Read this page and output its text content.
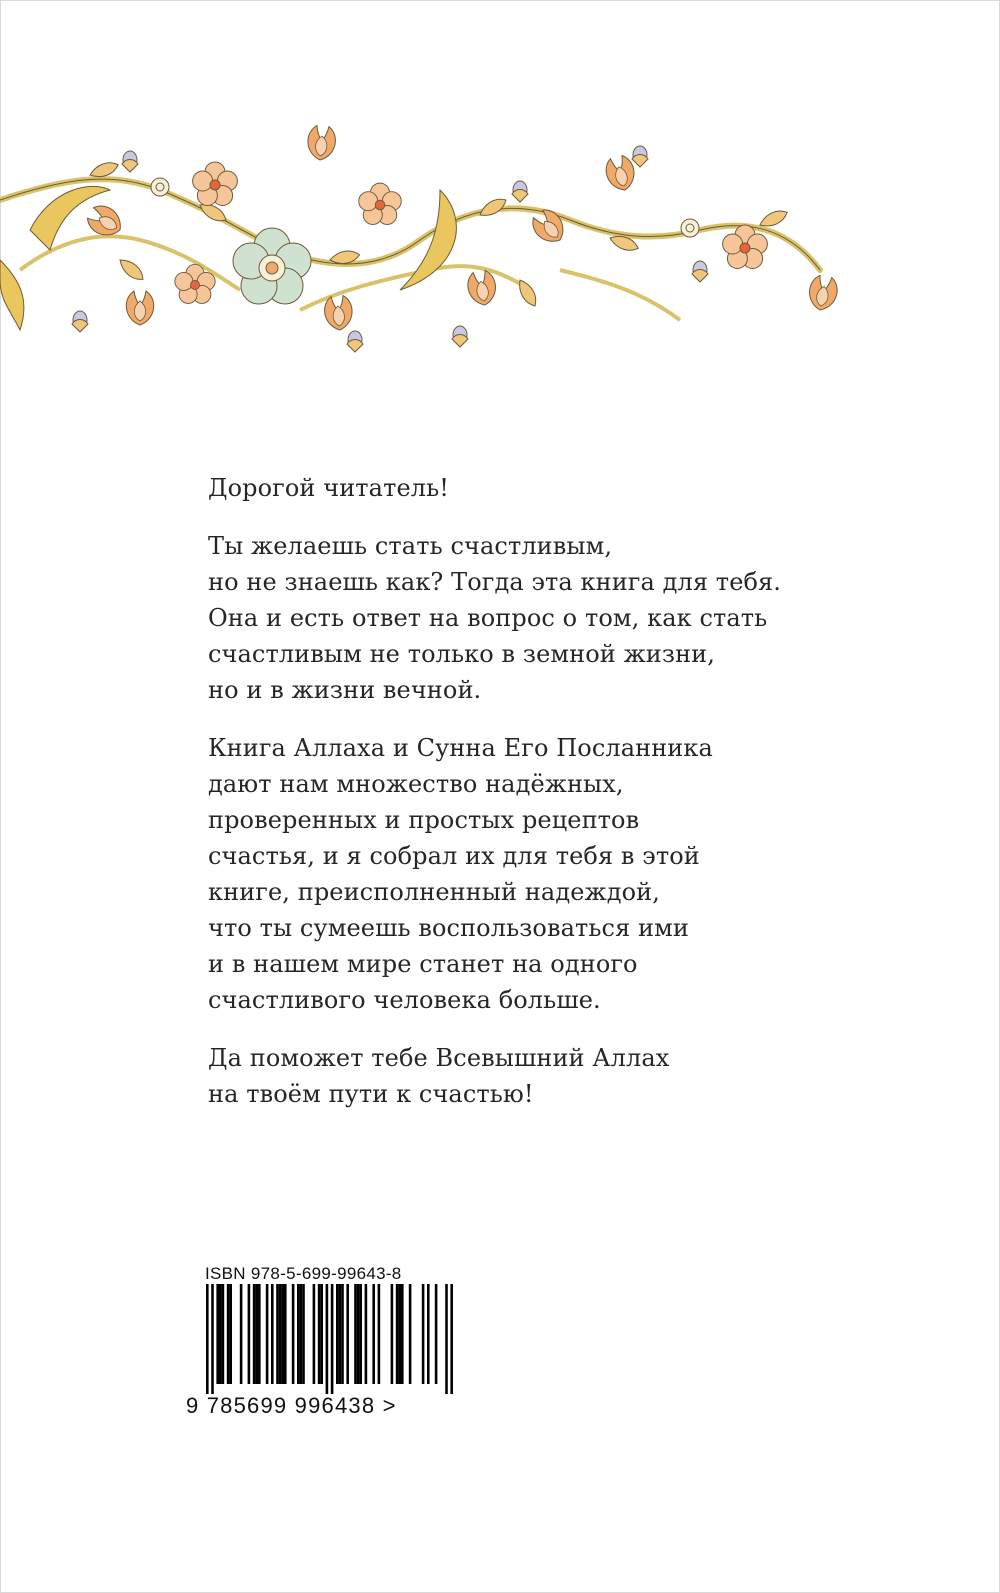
Дорогой читатель!

Ты желаешь стать счастливым,
но не знаешь как? Тогда эта книга для тебя.
Она и есть ответ на вопрос о том, как стать
счастливым не только в земной жизни,
но и в жизни вечной.

Книга Аллаха и Сунна Его Посланника
дают нам множество надёжных,
проверенных и простых рецептов
счастья, и я собрал их для тебя в этой
книге, преисполненный надеждой,
что ты сумеешь воспользоваться ими
и в нашем мире станет на одного
счастливого человека больше.

Да поможет тебе Всевышний Аллах
на твоём пути к счастью!

ISBN 978-5-699-99643-8
9 785699 996438 >
